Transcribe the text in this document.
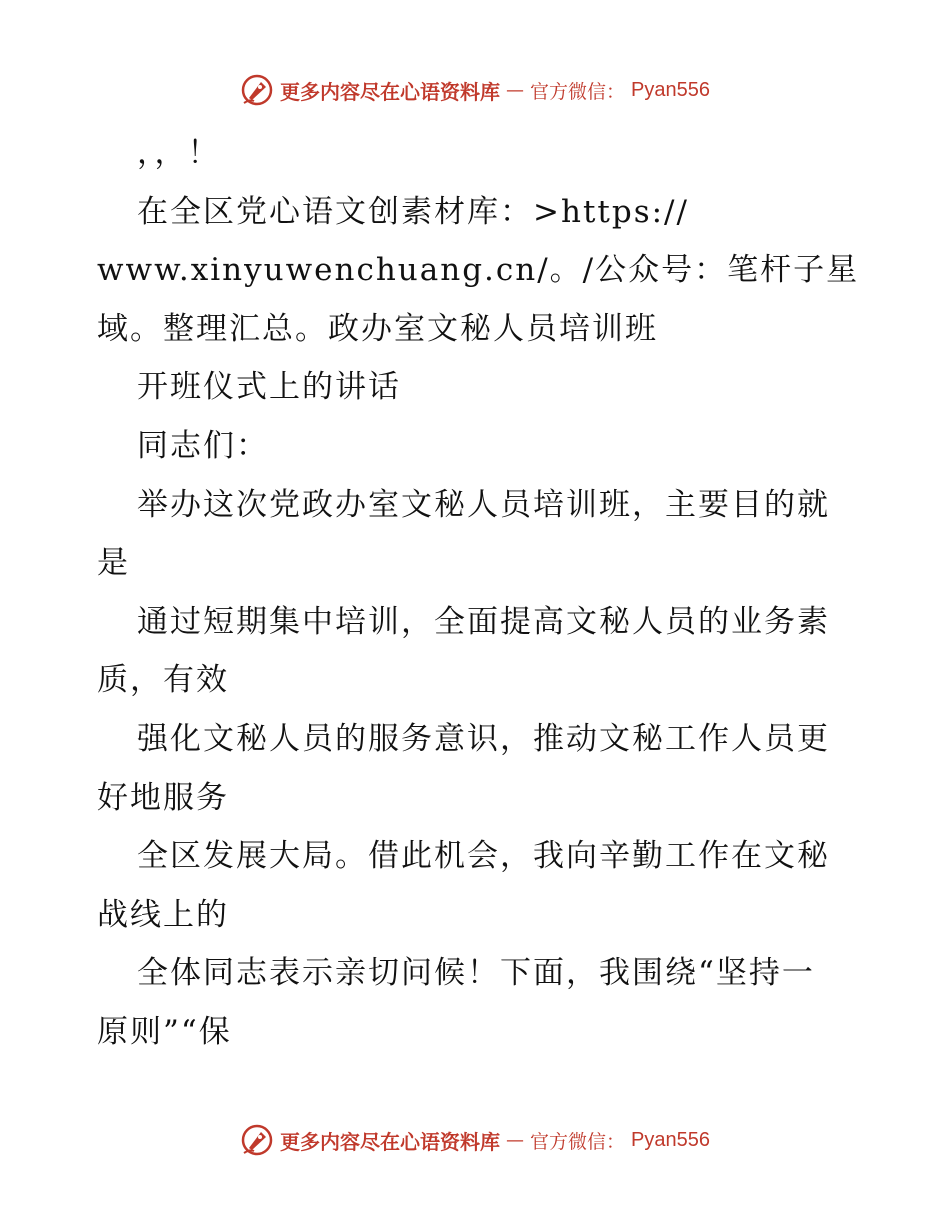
更多内容尽在心语资料库 — 官方微信： Pyan556
，，！
在全区党心语文创素材库：>https://
www.xinyuwenchuang.cn/。/公众号：笔杆子星
域。整理汇总。政办室文秘人员培训班
开班仪式上的讲话
同志们：
举办这次党政办室文秘人员培训班，主要目的就
是
通过短期集中培训，全面提高文秘人员的业务素
质，有效
强化文秘人员的服务意识，推动文秘工作人员更
好地服务
全区发展大局。借此机会，我向辛勤工作在文秘
战线上的
全体同志表示亲切问候！下面，我围绕“坚持一
原则”“保
更多内容尽在心语资料库 — 官方微信： Pyan556
